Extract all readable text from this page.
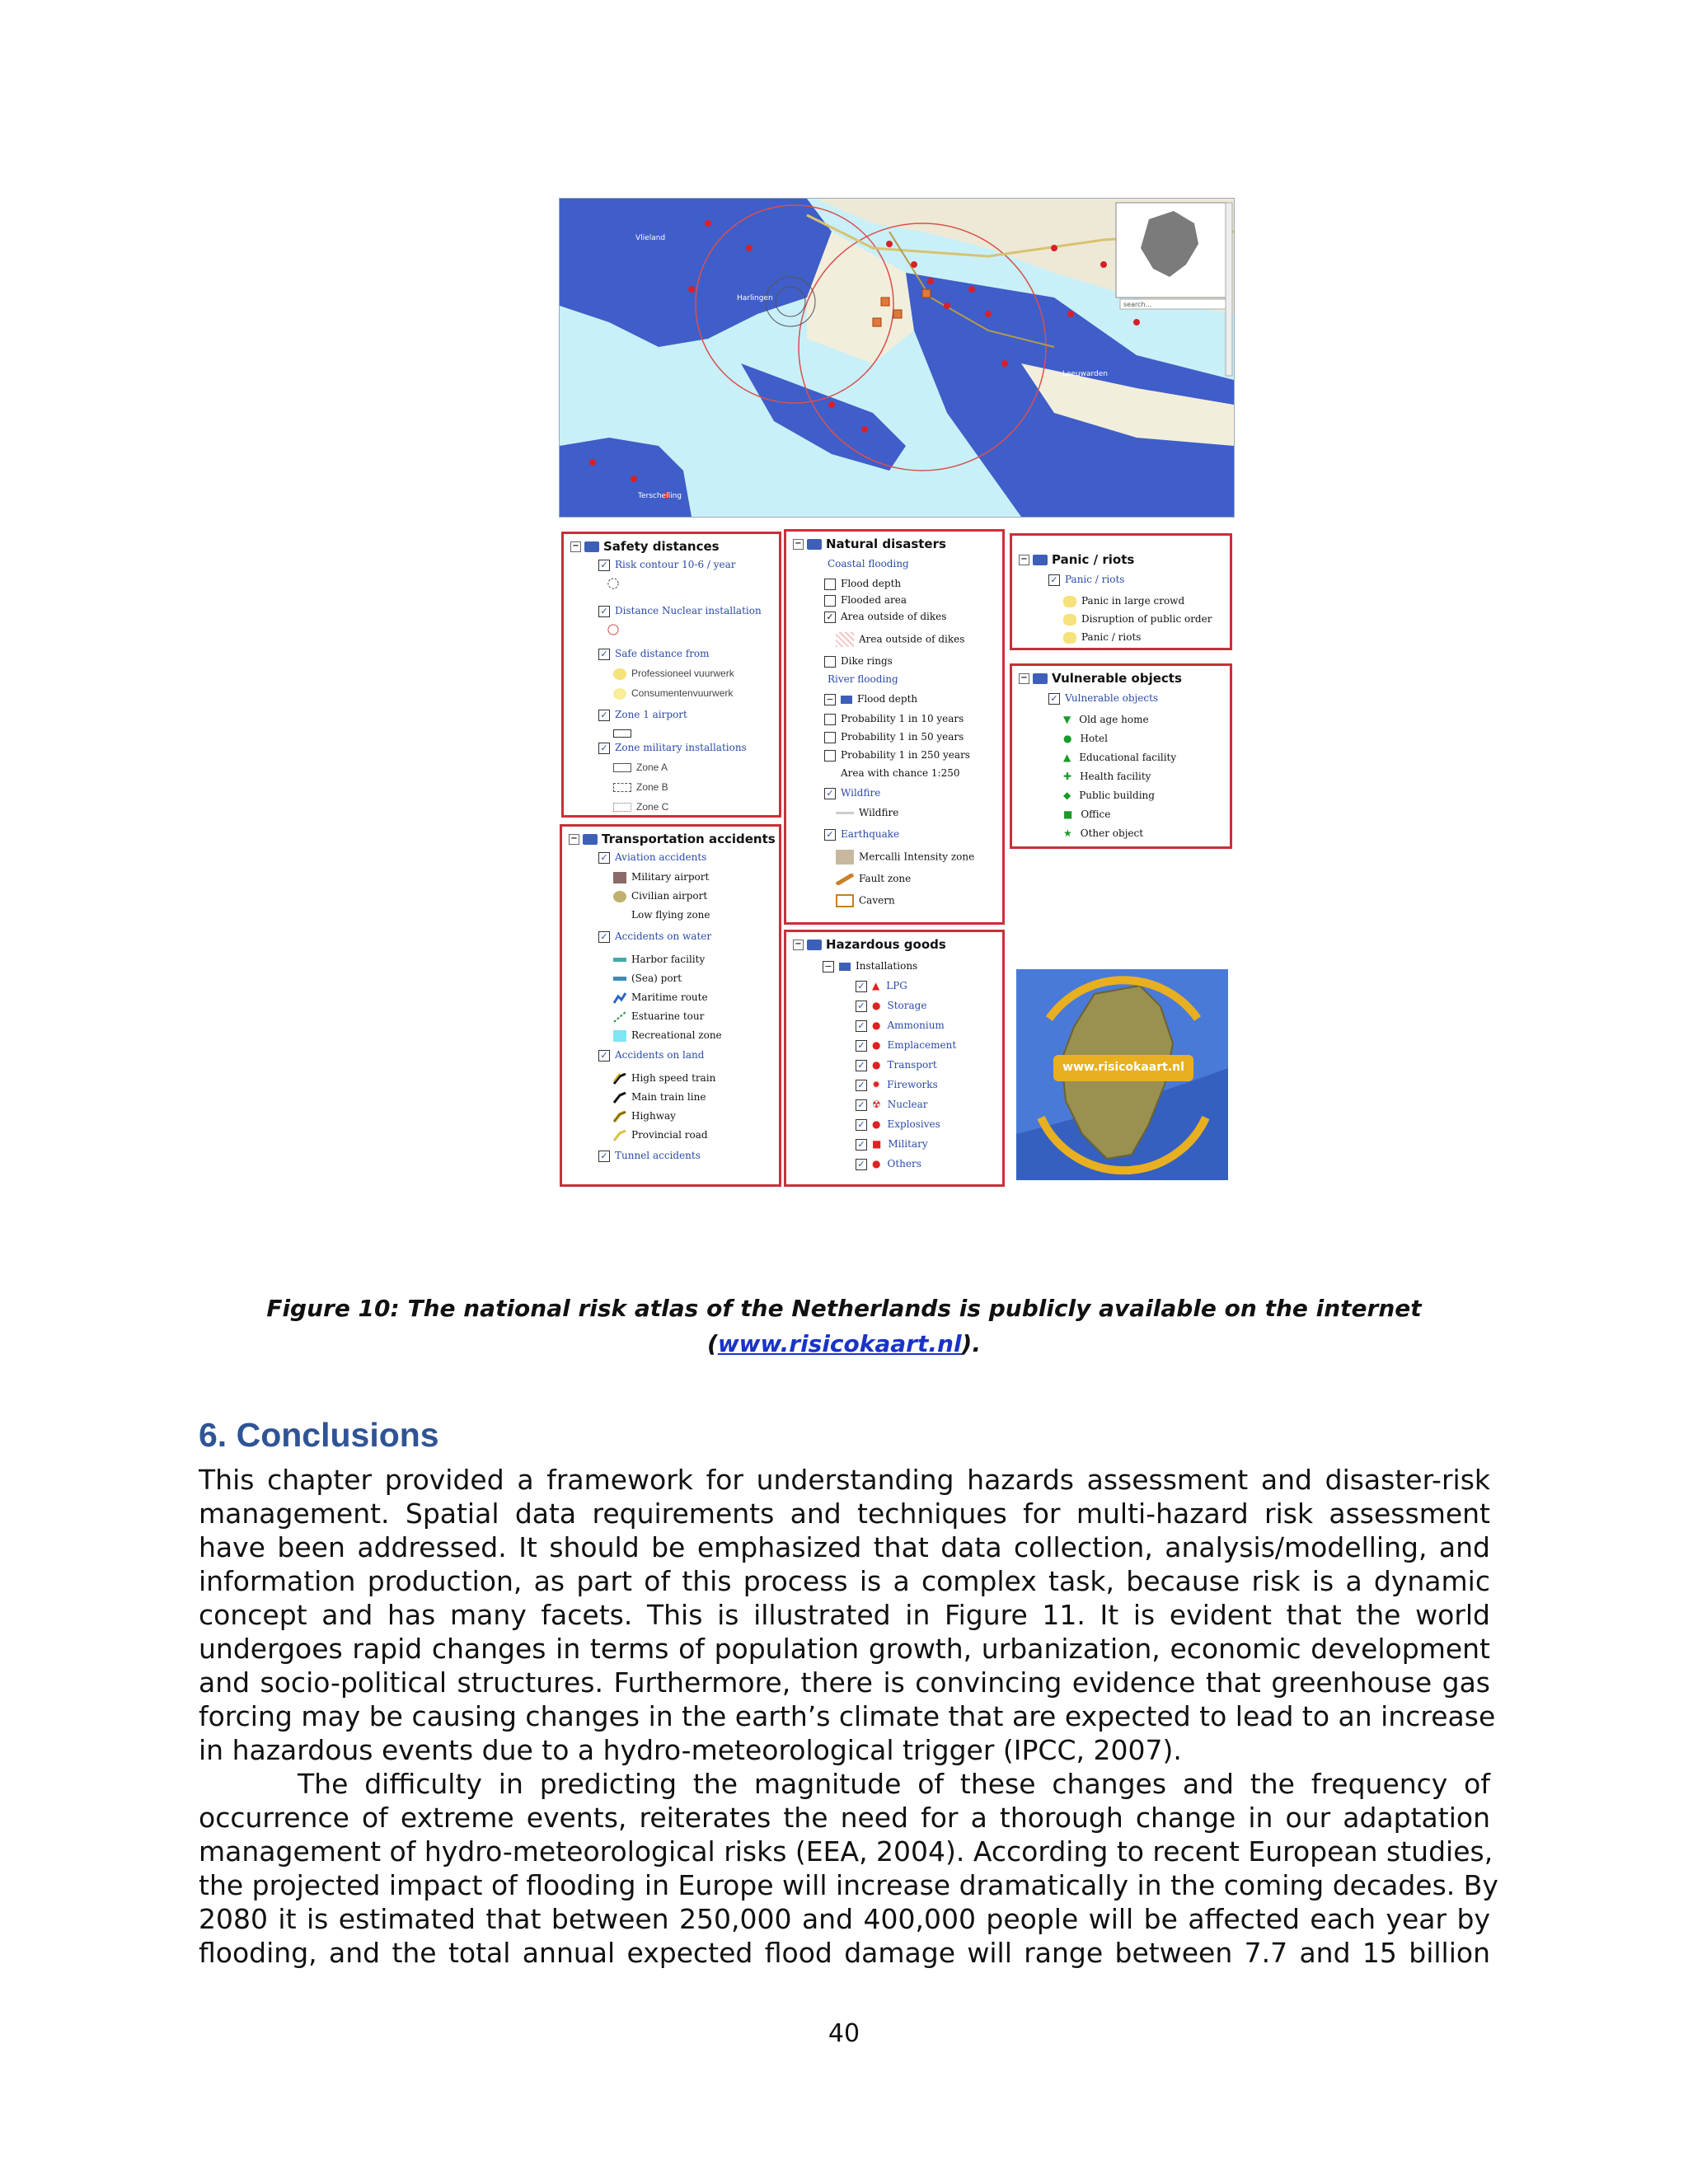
Vlieland
Harlingen
Leeuwarden
Terschelling
search...
− Safety distances
✓ Risk contour 10-6 / year
✓ Distance Nuclear installation
✓ Safe distance from
Professioneel vuurwerk
Consumentenvuurwerk
✓ Zone 1 airport
✓ Zone military installations
Zone A
Zone B
Zone C
− Transportation accidents
✓ Aviation accidents
Military airport
Civilian airport
Low flying zone
✓ Accidents on water
Harbor facility
(Sea) port
Maritime route
Estuarine tour
Recreational zone
✓ Accidents on land
High speed train
Main train line
Highway
Provincial road
✓ Tunnel accidents
− Natural disasters
Coastal flooding
Flood depth
Flooded area
✓ Area outside of dikes
Area outside of dikes
Dike rings
River flooding
− Flood depth
Probability 1 in 10 years
Probability 1 in 50 years
Probability 1 in 250 years
Area with chance 1:250
✓ Wildfire
Wildfire
✓ Earthquake
Mercalli Intensity zone
Fault zone
Cavern
− Hazardous goods
− Installations
✓ ▲ LPG
✓ ● Storage
✓ ● Ammonium
✓ ● Emplacement
✓ ● Transport
✓ ✹ Fireworks
✓ ☢ Nuclear
✓ ● Explosives
✓ ■ Military
✓ ● Others
− Panic / riots
✓ Panic / riots
Panic in large crowd
Disruption of public order
Panic / riots
− Vulnerable objects
✓ Vulnerable objects
▼ Old age home
● Hotel
▲ Educational facility
✚ Health facility
◆ Public building
■ Office
★ Other object
www.risicokaart.nl
Figure 10: The national risk atlas of the Netherlands is publicly available on the internet
(www.risicokaart.nl).
6. Conclusions
This chapter provided a framework for understanding hazards assessment and disaster-risk
management. Spatial data requirements and techniques for multi-hazard risk assessment
have been addressed. It should be emphasized that data collection, analysis/modelling, and
information production, as part of this process is a complex task, because risk is a dynamic
concept and has many facets. This is illustrated in Figure 11. It is evident that the world
undergoes rapid changes in terms of population growth, urbanization, economic development
and socio-political structures. Furthermore, there is convincing evidence that greenhouse gas
forcing may be causing changes in the earth’s climate that are expected to lead to an increase
in hazardous events due to a hydro-meteorological trigger (IPCC, 2007).
The difficulty in predicting the magnitude of these changes and the frequency of
occurrence of extreme events, reiterates the need for a thorough change in our adaptation
management of hydro-meteorological risks (EEA, 2004). According to recent European studies,
the projected impact of flooding in Europe will increase dramatically in the coming decades. By
2080 it is estimated that between 250,000 and 400,000 people will be affected each year by
flooding, and the total annual expected flood damage will range between 7.7 and 15 billion
40
